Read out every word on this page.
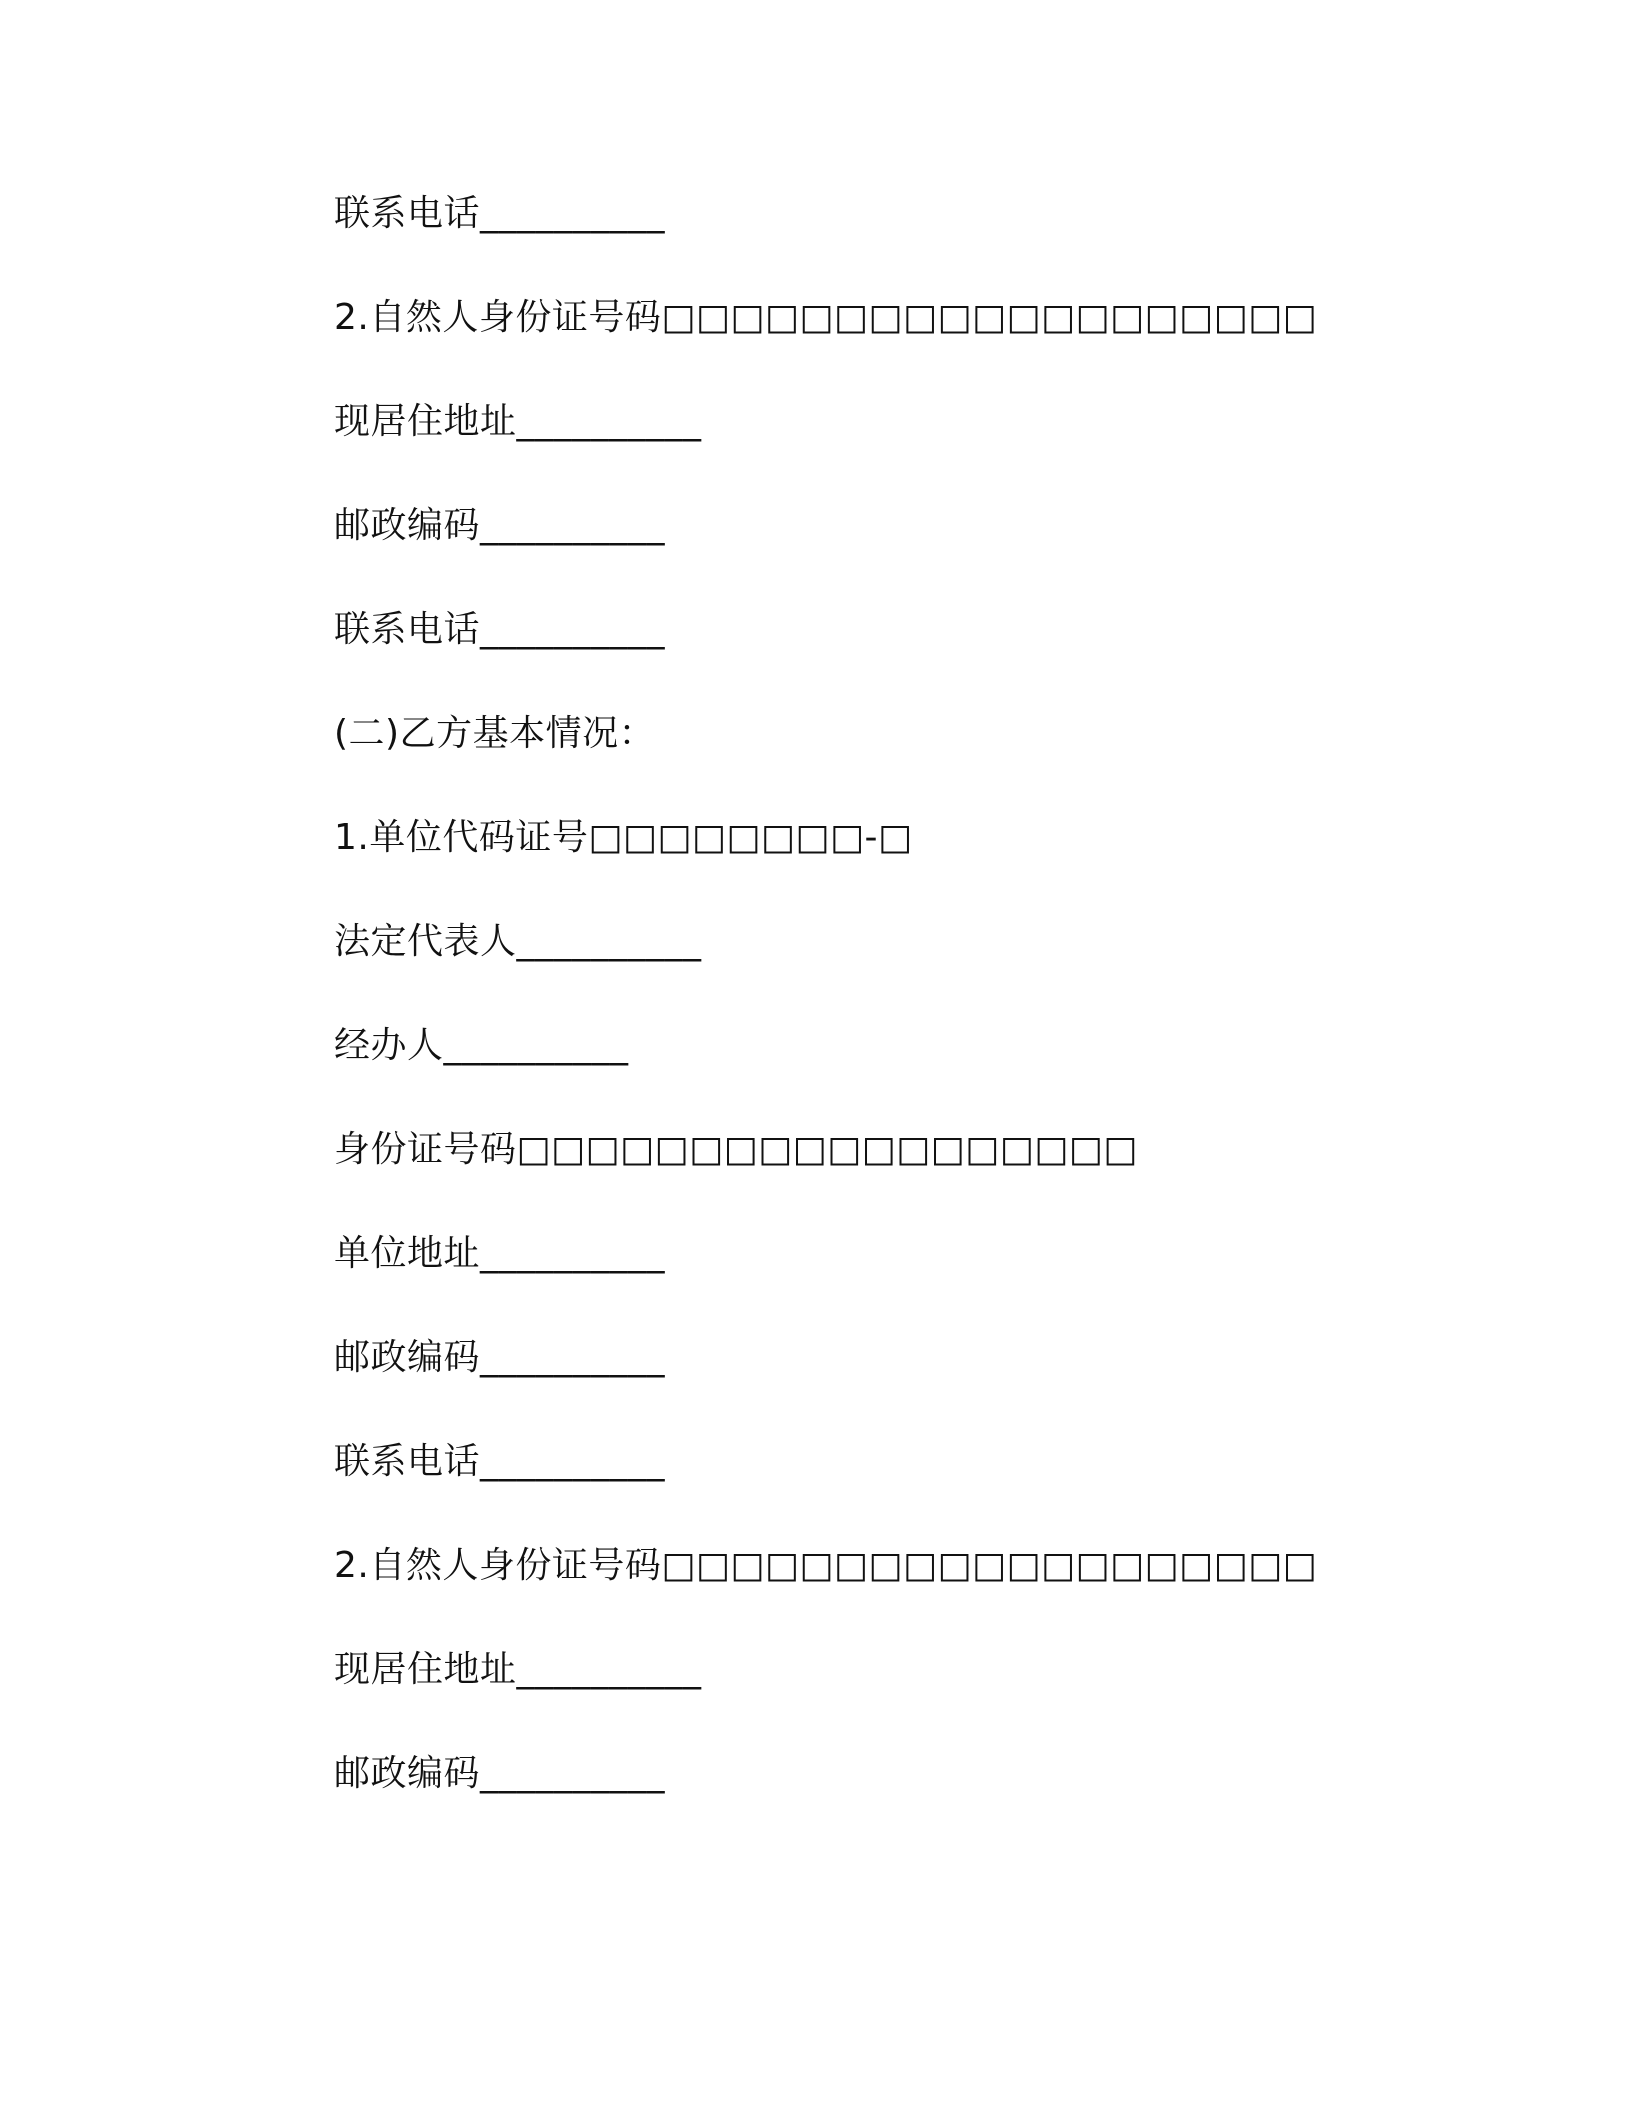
联系电话__________
2.自然人身份证号码□□□□□□□□□□□□□□□□□□□
现居住地址__________
邮政编码__________
联系电话__________
(二)乙方基本情况：
1.单位代码证号□□□□□□□□-□
法定代表人__________
经办人__________
身份证号码□□□□□□□□□□□□□□□□□□
单位地址__________
邮政编码__________
联系电话__________
2.自然人身份证号码□□□□□□□□□□□□□□□□□□□
现居住地址__________
邮政编码__________
